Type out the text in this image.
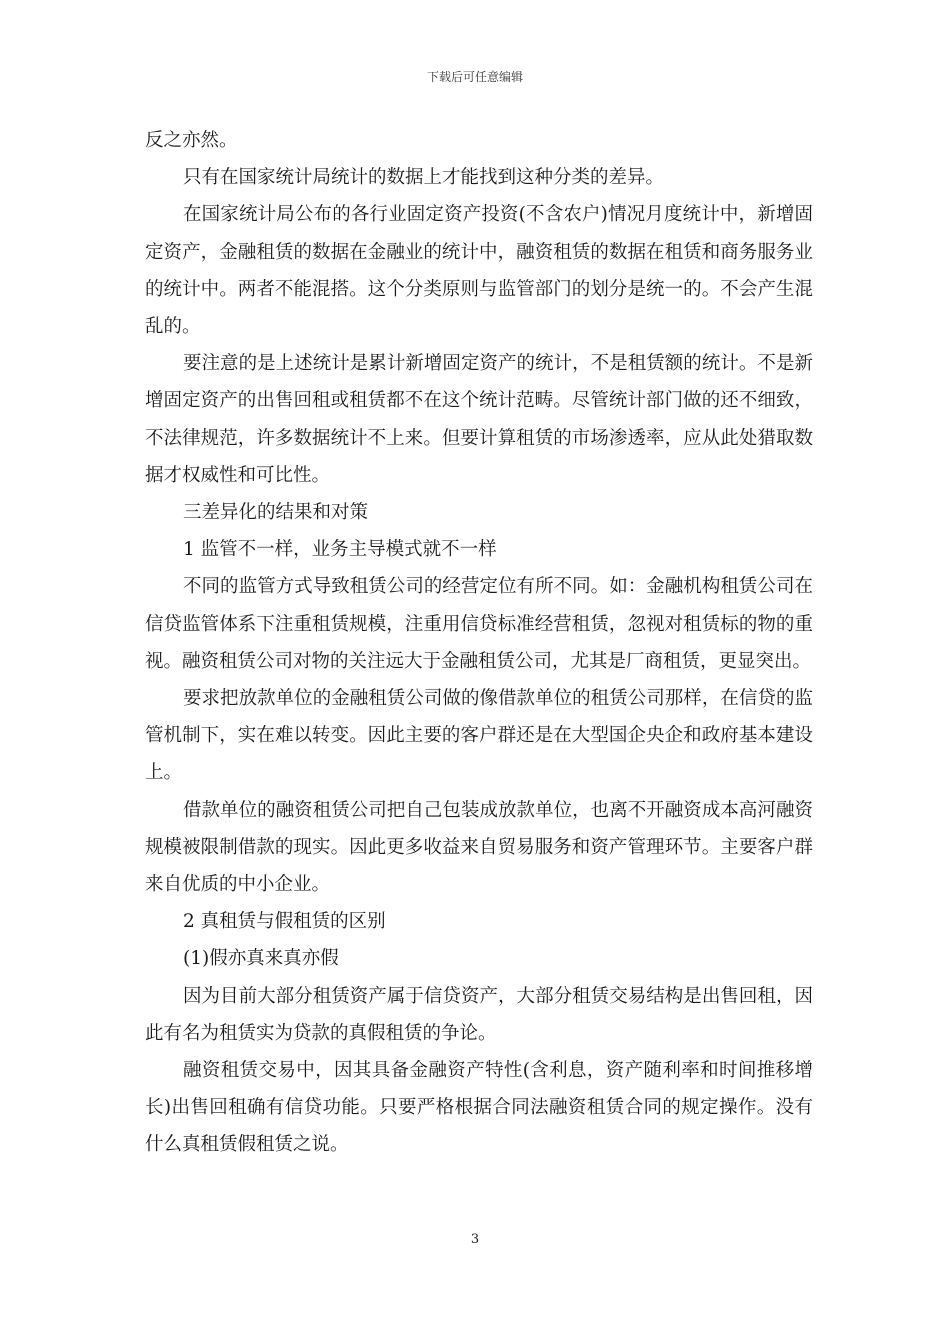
下载后可任意编辑

反之亦然。

只有在国家统计局统计的数据上才能找到这种分类的差异。

在国家统计局公布的各行业固定资产投资(不含农户)情况月度统计中，新增固定资产，金融租赁的数据在金融业的统计中，融资租赁的数据在租赁和商务服务业的统计中。两者不能混搭。这个分类原则与监管部门的划分是统一的。不会产生混乱的。

要注意的是上述统计是累计新增固定资产的统计，不是租赁额的统计。不是新增固定资产的出售回租或租赁都不在这个统计范畴。尽管统计部门做的还不细致，不法律规范，许多数据统计不上来。但要计算租赁的市场渗透率，应从此处猎取数据才权威性和可比性。

三差异化的结果和对策

1 监管不一样，业务主导模式就不一样

不同的监管方式导致租赁公司的经营定位有所不同。如：金融机构租赁公司在信贷监管体系下注重租赁规模，注重用信贷标准经营租赁，忽视对租赁标的物的重视。融资租赁公司对物的关注远大于金融租赁公司，尤其是厂商租赁，更显突出。

要求把放款单位的金融租赁公司做的像借款单位的租赁公司那样，在信贷的监管机制下，实在难以转变。因此主要的客户群还是在大型国企央企和政府基本建设上。

借款单位的融资租赁公司把自己包装成放款单位，也离不开融资成本高河融资规模被限制借款的现实。因此更多收益来自贸易服务和资产管理环节。主要客户群来自优质的中小企业。

2 真租赁与假租赁的区别

(1)假亦真来真亦假

因为目前大部分租赁资产属于信贷资产，大部分租赁交易结构是出售回租，因此有名为租赁实为贷款的真假租赁的争论。

融资租赁交易中，因其具备金融资产特性(含利息，资产随利率和时间推移增长)出售回租确有信贷功能。只要严格根据合同法融资租赁合同的规定操作。没有什么真租赁假租赁之说。

3
